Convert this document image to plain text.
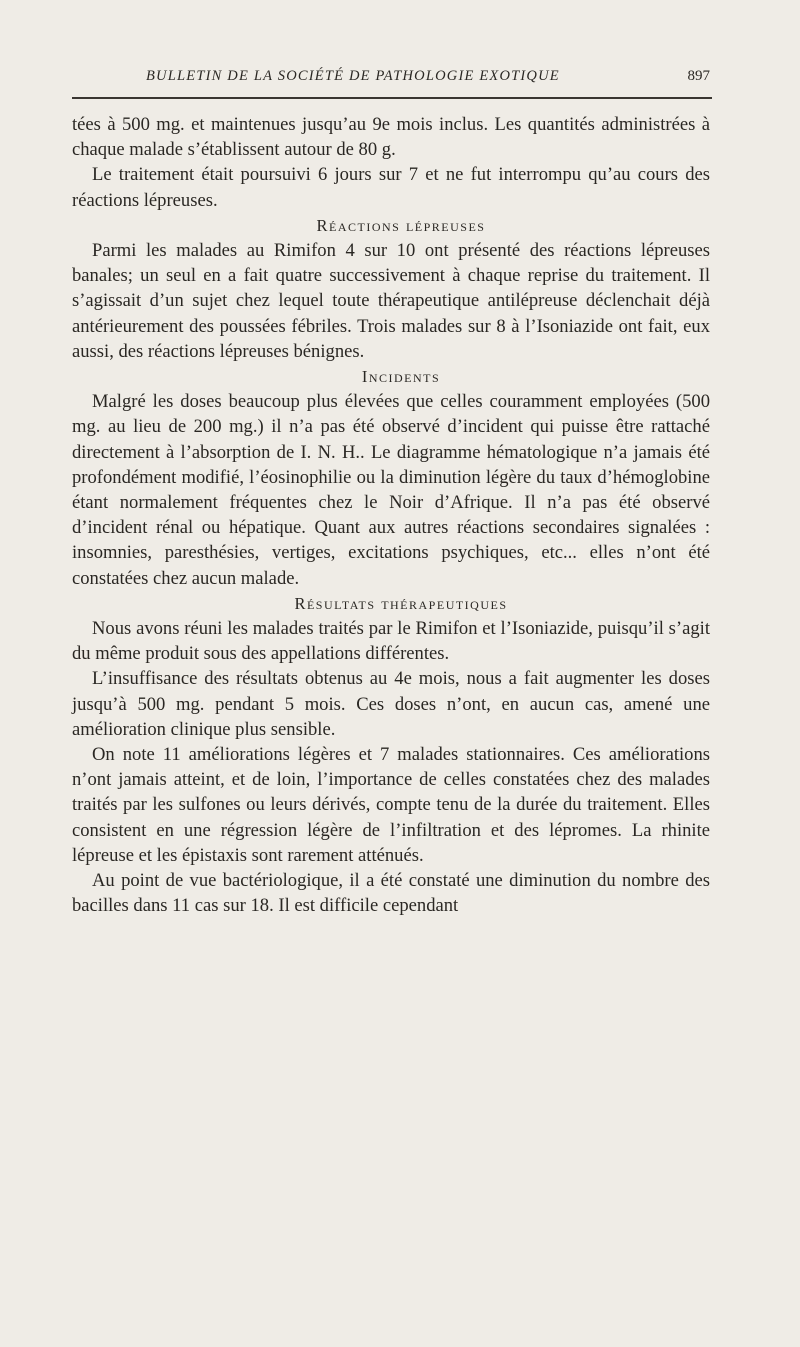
BULLETIN DE LA SOCIÉTÉ DE PATHOLOGIE EXOTIQUE	897

tées à 500 mg. et maintenues jusqu’au 9e mois inclus. Les quantités administrées à chaque malade s’établissent autour de 80 g.

Le traitement était poursuivi 6 jours sur 7 et ne fut interrompu qu’au cours des réactions lépreuses.

Réactions lépreuses

Parmi les malades au Rimifon 4 sur 10 ont présenté des réactions lépreuses banales; un seul en a fait quatre successivement à chaque reprise du traitement. Il s’agissait d’un sujet chez lequel toute thérapeutique antilépreuse déclenchait déjà antérieurement des poussées fébriles. Trois malades sur 8 à l’Isoniazide ont fait, eux aussi, des réactions lépreuses bénignes.

Incidents

Malgré les doses beaucoup plus élevées que celles couramment employées (500 mg. au lieu de 200 mg.) il n’a pas été observé d’incident qui puisse être rattaché directement à l’absorption de I. N. H.. Le diagramme hématologique n’a jamais été profondément modifié, l’éosinophilie ou la diminution légère du taux d’hémoglobine étant normalement fréquentes chez le Noir d’Afrique. Il n’a pas été observé d’incident rénal ou hépatique. Quant aux autres réactions secondaires signalées : insomnies, paresthésies, vertiges, excitations psychiques, etc... elles n’ont été constatées chez aucun malade.

Résultats thérapeutiques

Nous avons réuni les malades traités par le Rimifon et l’Isoniazide, puisqu’il s’agit du même produit sous des appellations différentes.

L’insuffisance des résultats obtenus au 4e mois, nous a fait augmenter les doses jusqu’à 500 mg. pendant 5 mois. Ces doses n’ont, en aucun cas, amené une amélioration clinique plus sensible.

On note 11 améliorations légères et 7 malades stationnaires. Ces améliorations n’ont jamais atteint, et de loin, l’importance de celles constatées chez des malades traités par les sulfones ou leurs dérivés, compte tenu de la durée du traitement. Elles consistent en une régression légère de l’infiltration et des lépromes. La rhinite lépreuse et les épistaxis sont rarement atténués.

Au point de vue bactériologique, il a été constaté une diminution du nombre des bacilles dans 11 cas sur 18. Il est difficile cependant
